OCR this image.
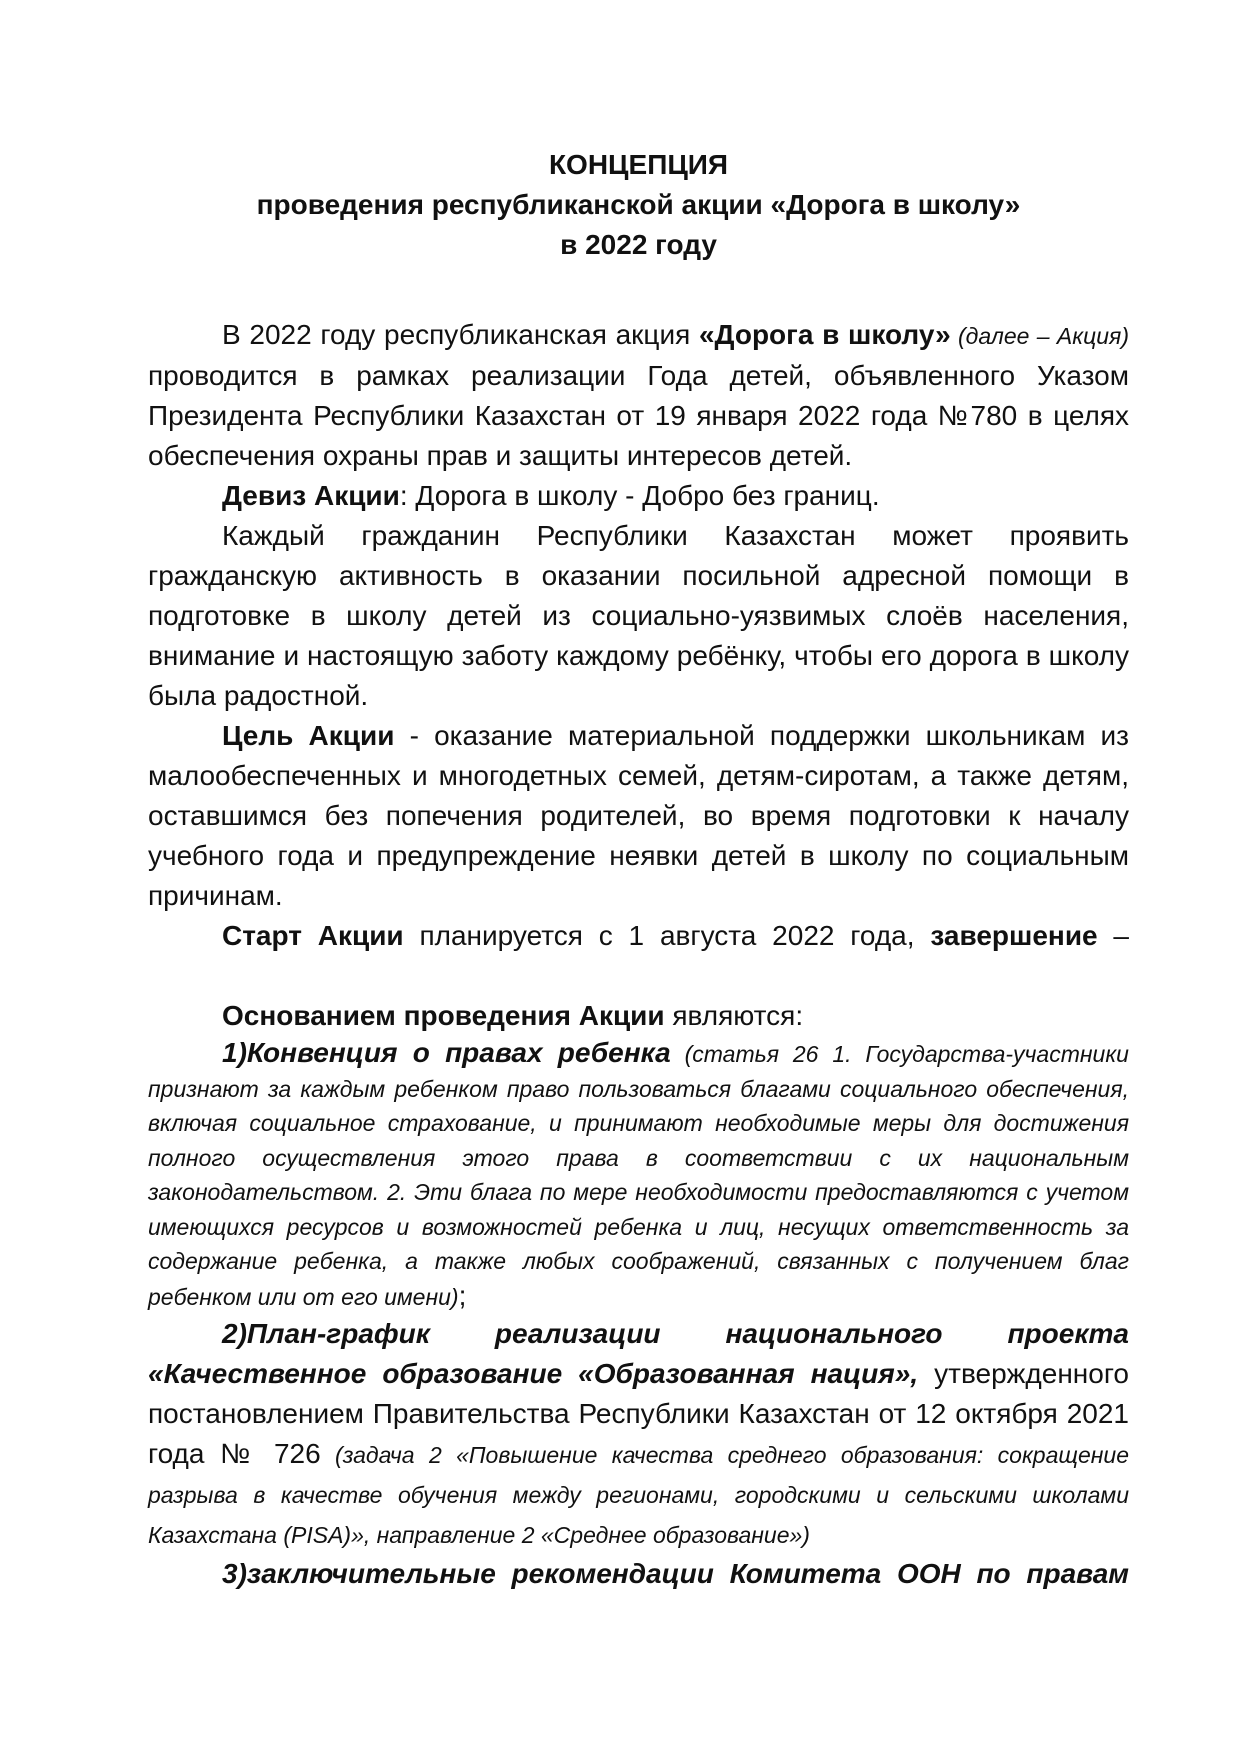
КОНЦЕПЦИЯ
проведения республиканской акции «Дорога в школу»
в 2022 году

В 2022 году республиканская акция «Дорога в школу» (далее – Акция) проводится в рамках реализации Года детей, объявленного Указом Президента Республики Казахстан от 19 января 2022 года №780 в целях обеспечения охраны прав и защиты интересов детей.

Девиз Акции: Дорога в школу - Добро без границ.

Каждый гражданин Республики Казахстан может проявить гражданскую активность в оказании посильной адресной помощи в подготовке в школу детей из социально-уязвимых слоёв населения, внимание и настоящую заботу каждому ребёнку, чтобы его дорога в школу была радостной.

Цель Акции - оказание материальной поддержки школьникам из малообеспеченных и многодетных семей, детям-сиротам, а также детям, оставшимся без попечения родителей, во время подготовки к началу учебного года и предупреждение неявки детей в школу по социальным причинам.

Старт Акции планируется с 1 августа 2022 года, завершение –

Основанием проведения Акции являются:

1)Конвенция о правах ребенка (статья 26 1. Государства-участники признают за каждым ребенком право пользоваться благами социального обеспечения, включая социальное страхование, и принимают необходимые меры для достижения полного осуществления этого права в соответствии с их национальным законодательством. 2. Эти блага по мере необходимости предоставляются с учетом имеющихся ресурсов и возможностей ребенка и лиц, несущих ответственность за содержание ребенка, а также любых соображений, связанных с получением благ ребенком или от его имени);

2)План-график реализации национального проекта «Качественное образование «Образованная нация», утвержденного постановлением Правительства Республики Казахстан от 12 октября 2021 года № 726 (задача 2 «Повышение качества среднего образования: сокращение разрыва в качестве обучения между регионами, городскими и сельскими школами Казахстана (PISA)», направление 2 «Среднее образование»)

3)заключительные рекомендации Комитета ООН по правам
